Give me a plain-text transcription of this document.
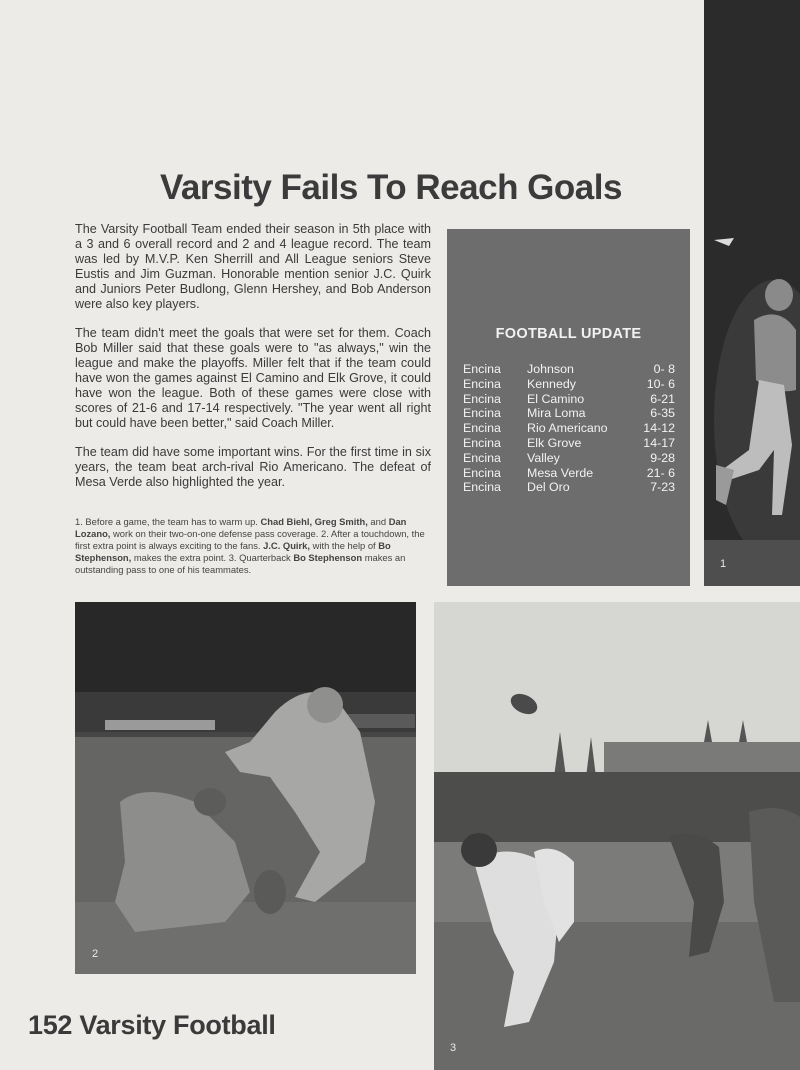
Varsity Fails To Reach Goals

The Varsity Football Team ended their season in 5th place with a 3 and 6 overall record and 2 and 4 league record. The team was led by M.V.P. Ken Sherrill and All League seniors Steve Eustis and Jim Guzman. Honorable mention senior J.C. Quirk and Juniors Peter Budlong, Glenn Hershey, and Bob Anderson were also key players.

The team didn't meet the goals that were set for them. Coach Bob Miller said that these goals were to "as always," win the league and make the playoffs. Miller felt that if the team could have won the games against El Camino and Elk Grove, it could have won the league. Both of these games were close with scores of 21-6 and 17-14 respectively. "The year went all right but could have been better," said Coach Miller.

The team did have some important wins. For the first time in six years, the team beat arch-rival Rio Americano. The defeat of Mesa Verde also highlighted the year.

1. Before a game, the team has to warm up. Chad Biehl, Greg Smith, and Dan Lozano, work on their two-on-one defense pass coverage. 2. After a touchdown, the first extra point is always exciting to the fans. J.C. Quirk, with the help of Bo Stephenson, makes the extra point. 3. Quarterback Bo Stephenson makes an outstanding pass to one of his teammates.
FOOTBALL UPDATE
Encina Johnson	0- 8
Encina Kennedy	10- 6
Encina El Camino	6-21
Encina Mira Loma	6-35
Encina Rio Americano	14-12
Encina Elk Grove	14-17
Encina Valley	9-28
Encina Mesa Verde	21- 6
Encina Del Oro	7-23
1
2
3
152 Varsity Football
